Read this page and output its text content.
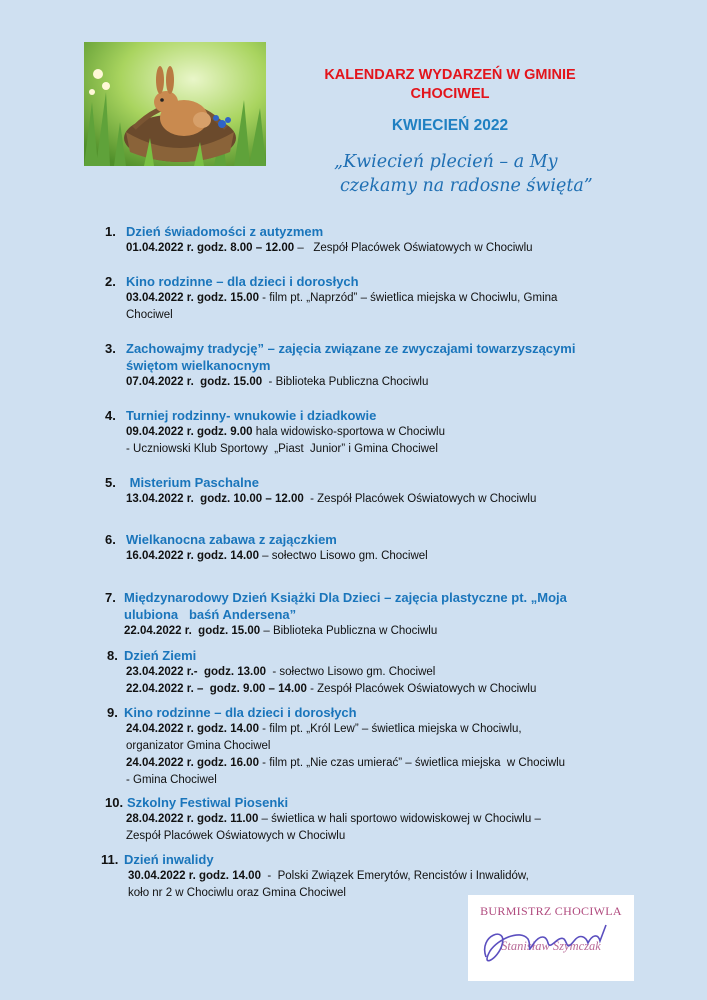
KALENDARZ WYDARZEŃ W GMINIE
CHOCIWEL
KWIECIEŃ 2022
„Kwiecień plecień – a My
czekamy na radosne święta”
1. Dzień świadomości z autyzmem
01.04.2022 r. godz. 8.00 – 12.00 –   Zespół Placówek Oświatowych w Chociwlu
2. Kino rodzinne – dla dzieci i dorosłych
03.04.2022 r. godz. 15.00 - film pt. „Naprzód” – świetlica miejska w Chociwlu, Gmina
Chociwel
3. Zachowajmy tradycję” – zajęcia związane ze zwyczajami towarzyszącymi
świętom wielkanocnym
07.04.2022 r.  godz. 15.00  - Biblioteka Publiczna Chociwlu
4. Turniej rodzinny- wnukowie i dziadkowie
09.04.2022 r. godz. 9.00 hala widowisko-sportowa w Chociwlu
- Uczniowski Klub Sportowy  „Piast  Junior” i Gmina Chociwel
5. Misterium Paschalne
13.04.2022 r.  godz. 10.00 – 12.00  - Zespół Placówek Oświatowych w Chociwlu
6. Wielkanocna zabawa z zajączkiem
16.04.2022 r. godz. 14.00 – sołectwo Lisowo gm. Chociwel
7. Międzynarodowy Dzień Książki Dla Dzieci – zajęcia plastyczne pt. „Moja
ulubiona   baśń Andersena”
22.04.2022 r.  godz. 15.00 – Biblioteka Publiczna w Chociwlu
8. Dzień Ziemi
23.04.2022 r.-  godz. 13.00  - sołectwo Lisowo gm. Chociwel
22.04.2022 r. –  godz. 9.00 – 14.00 - Zespół Placówek Oświatowych w Chociwlu
9. Kino rodzinne – dla dzieci i dorosłych
24.04.2022 r. godz. 14.00 - film pt. „Król Lew” – świetlica miejska w Chociwlu,
organizator Gmina Chociwel
24.04.2022 r. godz. 16.00 - film pt. „Nie czas umierać” – świetlica miejska  w Chociwlu
- Gmina Chociwel
10. Szkolny Festiwal Piosenki
28.04.2022 r. godz. 11.00 – świetlica w hali sportowo widowiskowej w Chociwlu –
Zespół Placówek Oświatowych w Chociwlu
11. Dzień inwalidy
30.04.2022 r. godz. 14.00  -  Polski Związek Emerytów, Rencistów i Inwalidów,
koło nr 2 w Chociwlu oraz Gmina Chociwel
BURMISTRZ CHOCIWLA
Stanisław Szymczak
